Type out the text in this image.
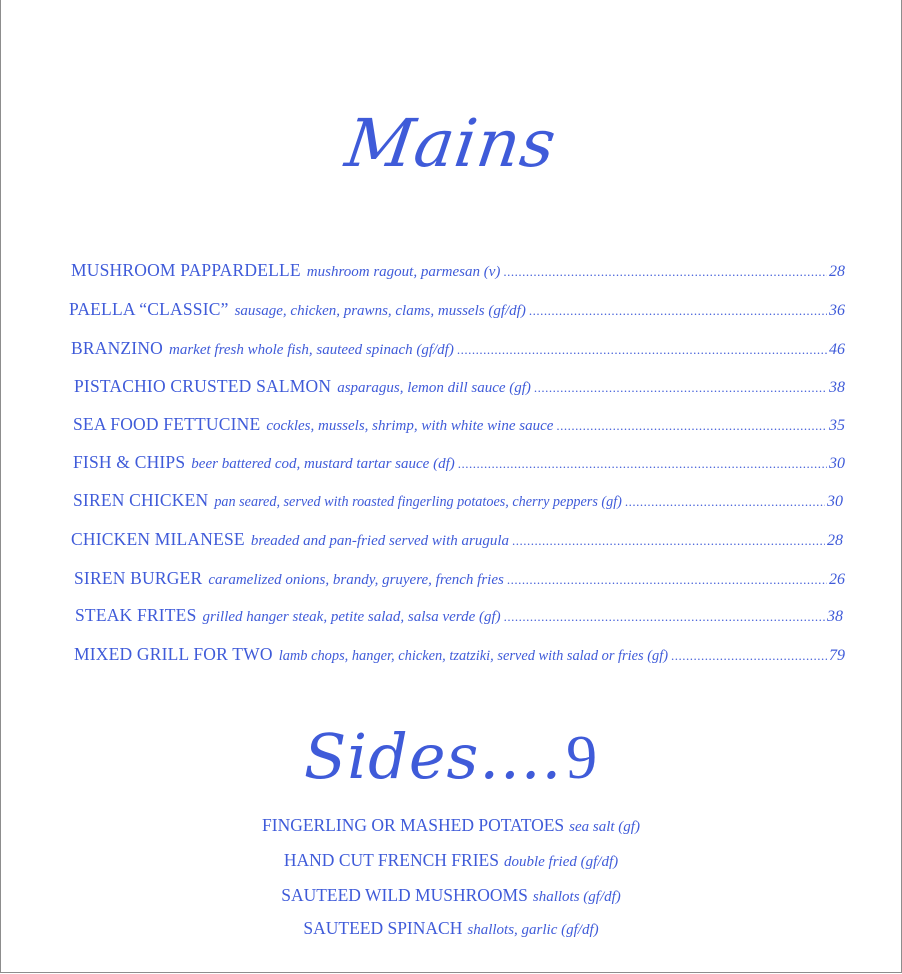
Mains
MUSHROOM PAPPARDELLE mushroom ragout, parmesan (v) .....	28
PAELLA “CLASSIC” sausage, chicken, prawns, clams, mussels (gf/df) .....	36
BRANZINO market fresh whole fish, sauteed spinach (gf/df) .....	46
PISTACHIO CRUSTED SALMON asparagus, lemon dill sauce (gf) .....	38
SEA FOOD FETTUCINE cockles, mussels, shrimp, with white wine sauce .....	35
FISH & CHIPS beer battered cod, mustard tartar sauce (df) .....	30
SIREN CHICKEN pan seared, served with roasted fingerling potatoes, cherry peppers (gf) .....	30
CHICKEN MILANESE breaded and pan-fried served with arugula .....	28
SIREN BURGER caramelized onions, brandy, gruyere, french fries .....	26
STEAK FRITES grilled hanger steak, petite salad, salsa verde (gf) .....	38
MIXED GRILL FOR TWO lamb chops, hanger, chicken, tzatziki, served with salad or fries (gf) .....	79
Sides....9
FINGERLING OR MASHED POTATOES sea salt (gf)
HAND CUT FRENCH FRIES double fried (gf/df)
SAUTEED WILD MUSHROOMS shallots (gf/df)
SAUTEED SPINACH shallots, garlic (gf/df)
